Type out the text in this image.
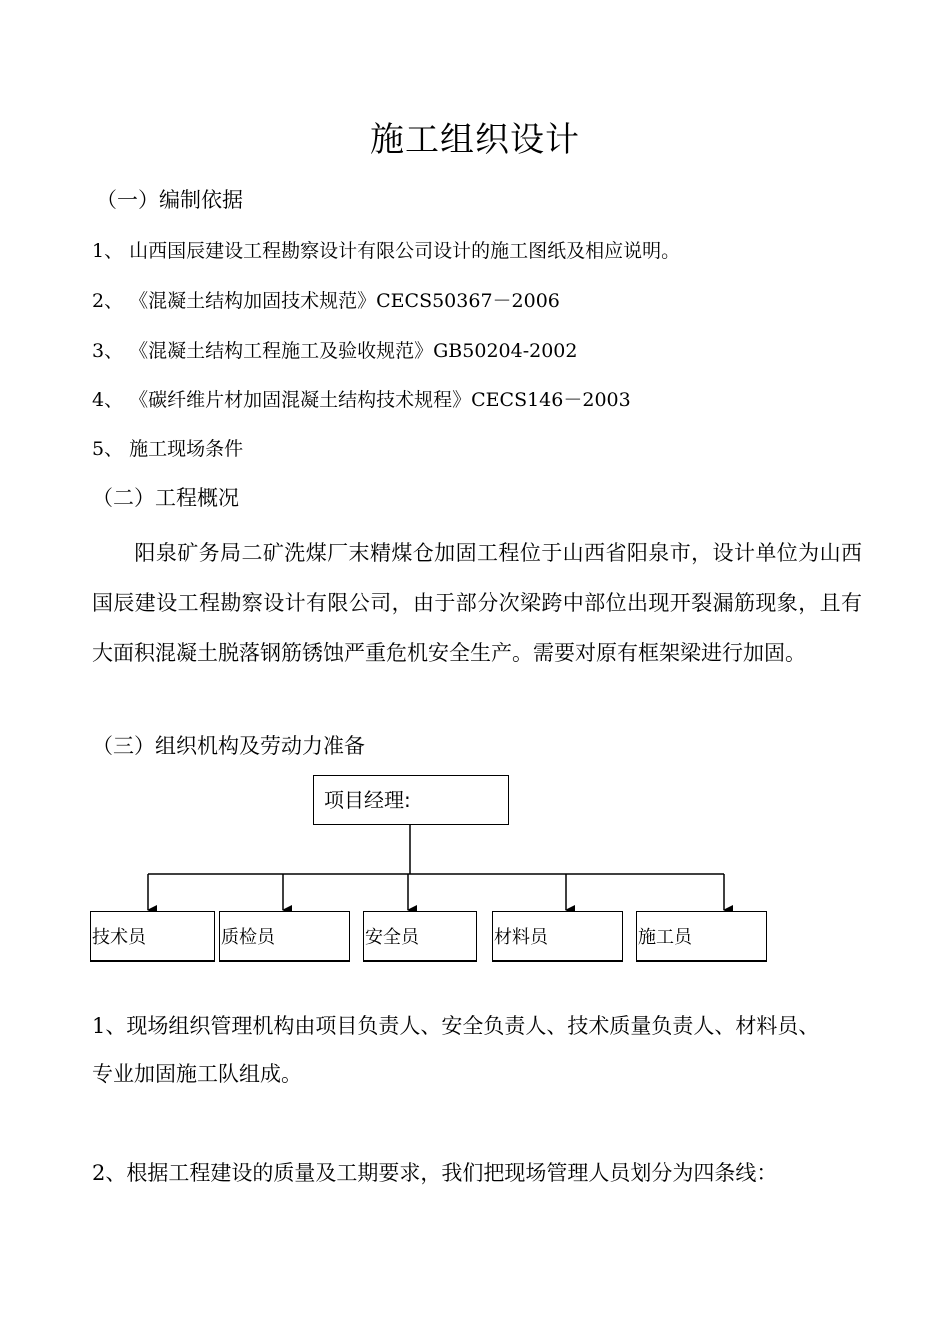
施工组织设计
（一）编制依据
1、 山西国辰建设工程勘察设计有限公司设计的施工图纸及相应说明。
2、 《混凝土结构加固技术规范》CECS50367－2006
3、 《混凝土结构工程施工及验收规范》GB50204-2002
4、 《碳纤维片材加固混凝土结构技术规程》CECS146－2003
5、 施工现场条件
（二）工程概况
阳泉矿务局二矿洗煤厂末精煤仓加固工程位于山西省阳泉市，设计单位为山西国辰建设工程勘察设计有限公司，由于部分次梁跨中部位出现开裂漏筋现象，且有大面积混凝土脱落钢筋锈蚀严重危机安全生产。需要对原有框架梁进行加固。
（三）组织机构及劳动力准备
项目经理:
技术员	质检员	安全员	材料员	施工员
1、现场组织管理机构由项目负责人、安全负责人、技术质量负责人、材料员、
专业加固施工队组成。
2、根据工程建设的质量及工期要求，我们把现场管理人员划分为四条线：
